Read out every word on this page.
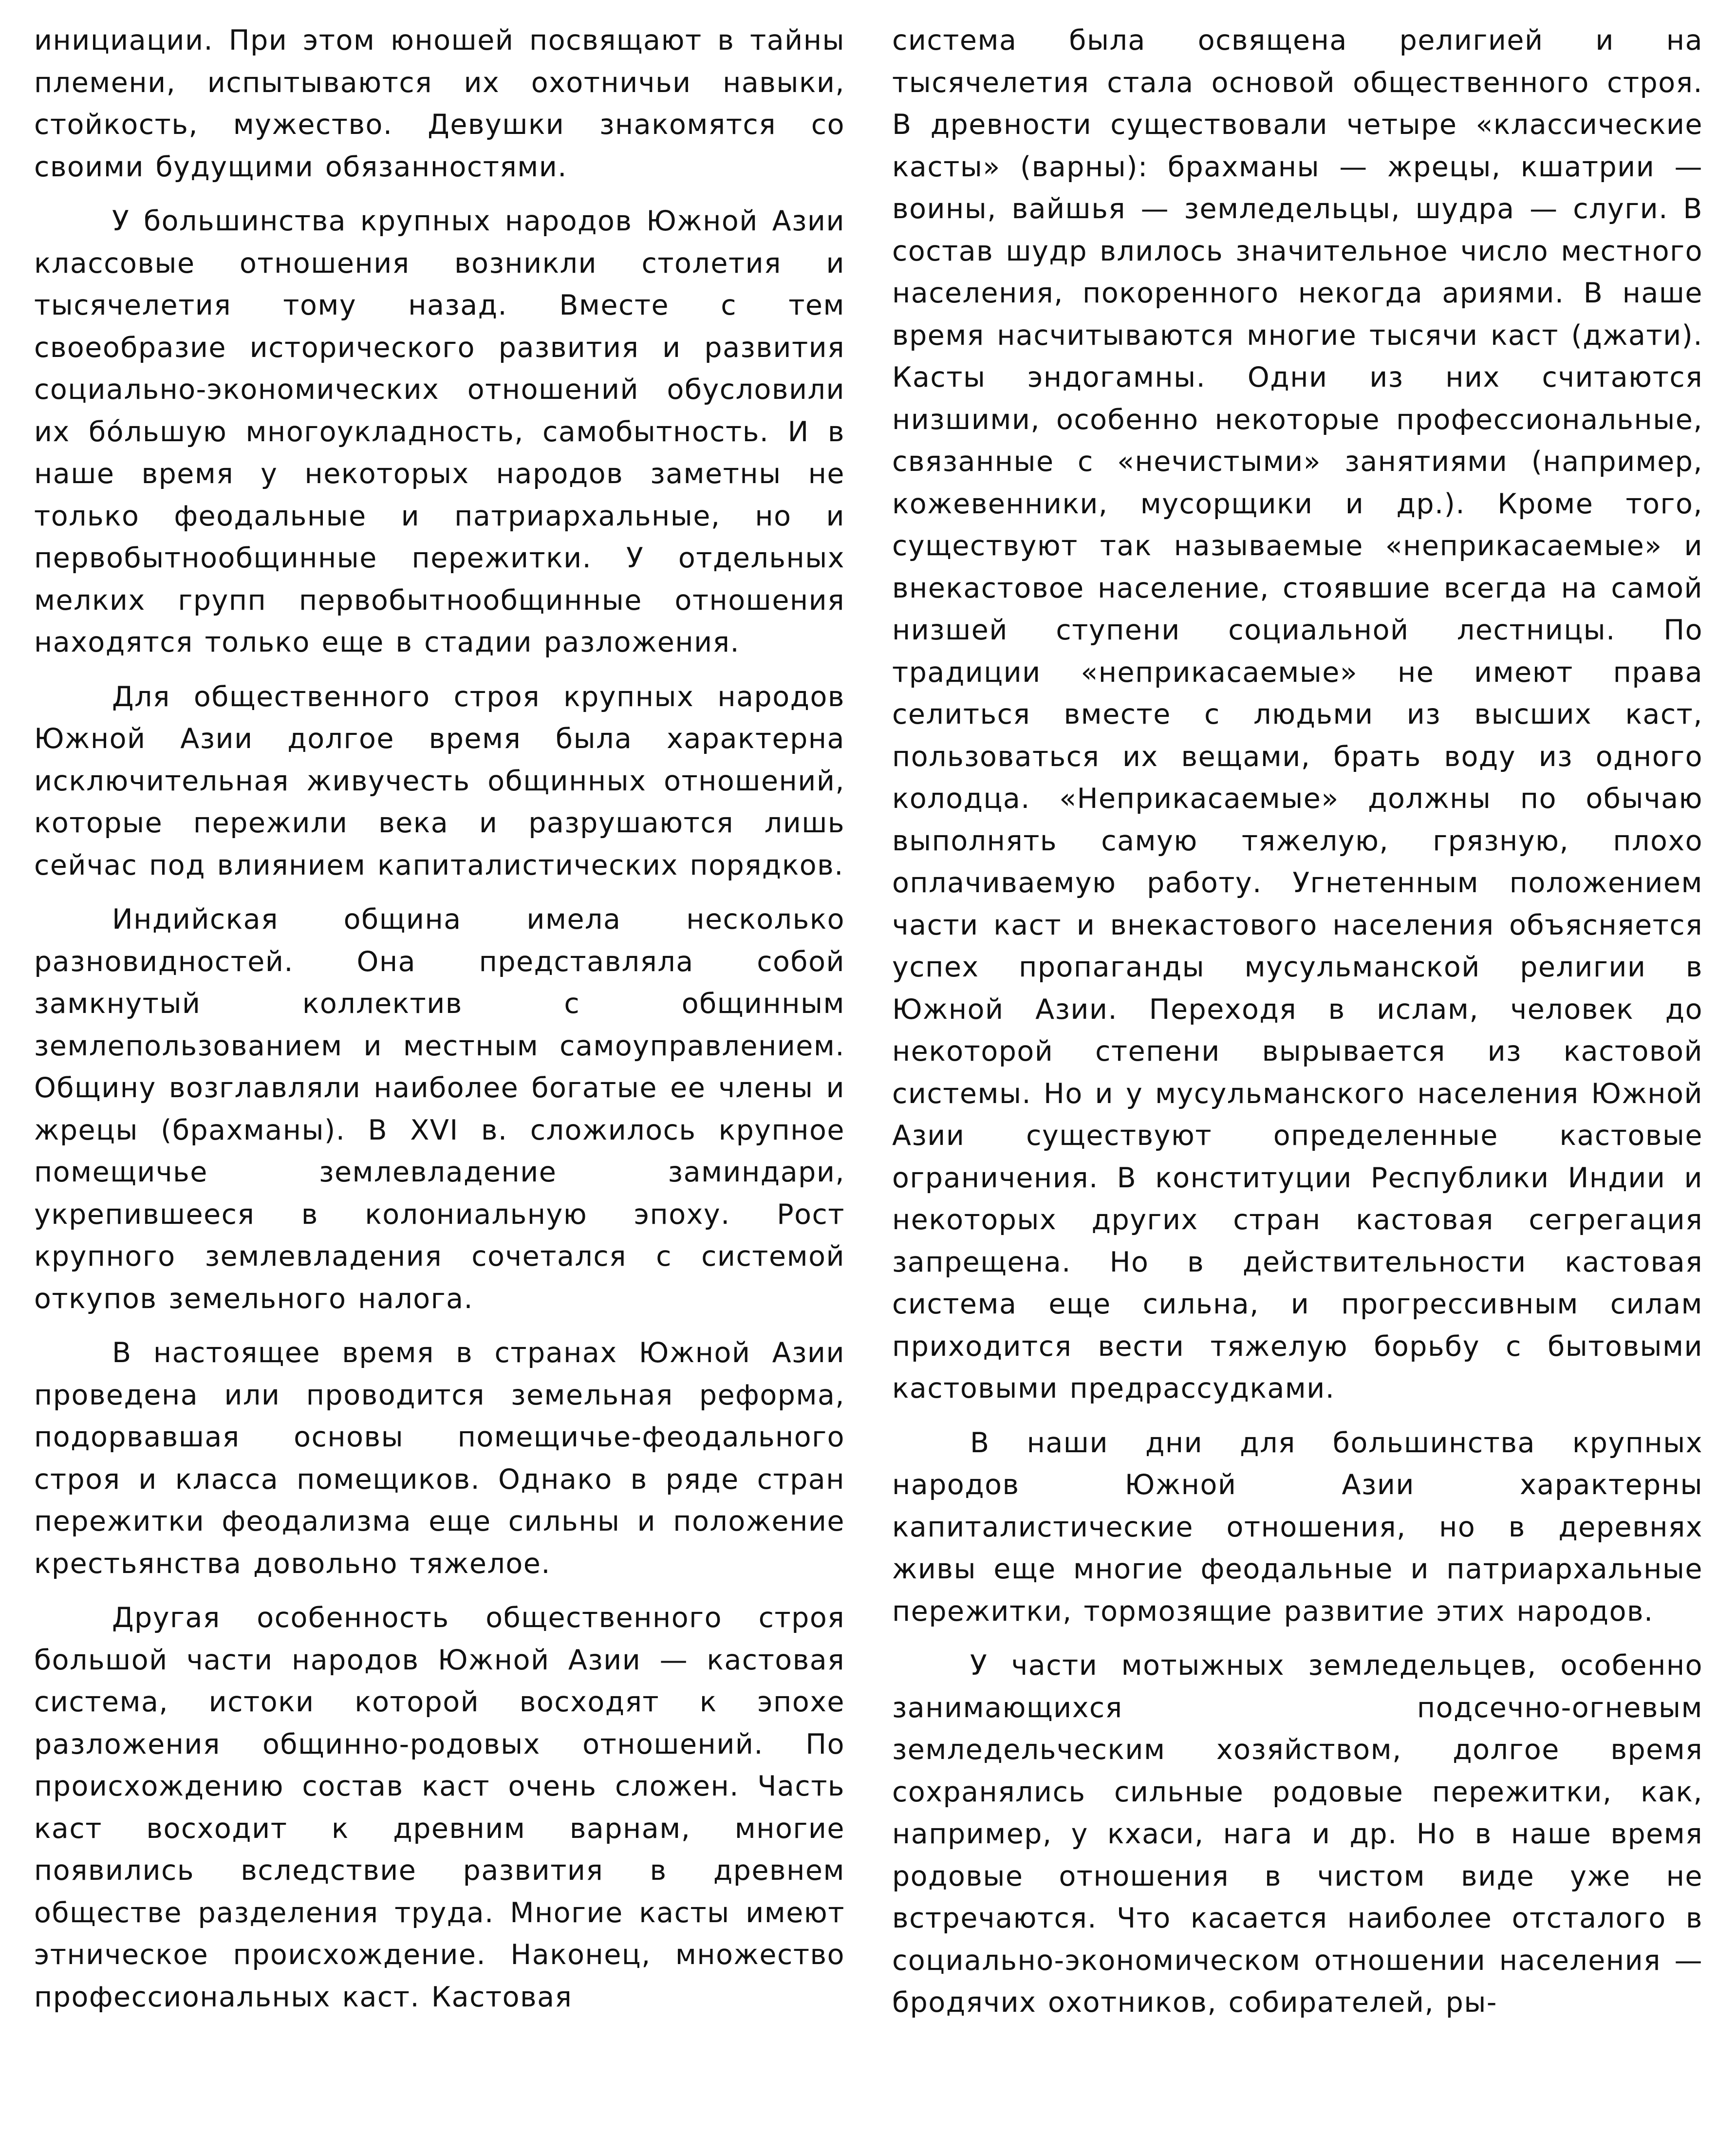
инициации. При этом юношей посвящают в тайны племени, испытываются их охотничьи навыки, стойкость, мужество. Девушки знакомятся со своими будущими обязанностями.

У большинства крупных народов Южной Азии классовые отношения возникли столетия и тысячелетия тому назад. Вместе с тем своеобразие исторического развития и развития социально-экономических отношений обусловили их бо́льшую многоукладность, самобытность. И в наше время у некоторых народов заметны не только феодальные и патриархальные, но и первобытнообщинные пережитки. У отдельных мелких групп первобытнообщинные отношения находятся только еще в стадии разложения.

Для общественного строя крупных народов Южной Азии долгое время была характерна исключительная живучесть общинных отношений, которые пережили века и разрушаются лишь сейчас под влиянием капиталистических порядков.

Индийская община имела несколько разновидностей. Она представляла собой замкнутый коллектив с общинным землепользованием и местным самоуправлением. Общину возглавляли наиболее богатые ее члены и жрецы (брахманы). В XVI в. сложилось крупное помещичье землевладение заминдари, укрепившееся в колониальную эпоху. Рост крупного землевладения сочетался с системой откупов земельного налога.

В настоящее время в странах Южной Азии проведена или проводится земельная реформа, подорвавшая основы помещичье-феодального строя и класса помещиков. Однако в ряде стран пережитки феодализма еще сильны и положение крестьянства довольно тяжелое.

Другая особенность общественного строя большой части народов Южной Азии — кастовая система, истоки которой восходят к эпохе разложения общинно-родовых отношений. По происхождению состав каст очень сложен. Часть каст восходит к древним варнам, многие появились вследствие развития в древнем обществе разделения труда. Многие касты имеют этническое происхождение. Наконец, множество профессиональных каст. Кастовая

система была освящена религией и на тысячелетия стала основой общественного строя. В древности существовали четыре «классические касты» (варны): брахманы — жрецы, кшатрии — воины, вайшья — земледельцы, шудра — слуги. В состав шудр влилось значительное число местного населения, покоренного некогда ариями. В наше время насчитываются многие тысячи каст (джати). Касты эндогамны. Одни из них считаются низшими, особенно некоторые профессиональные, связанные с «нечистыми» занятиями (например, кожевенники, мусорщики и др.). Кроме того, существуют так называемые «неприкасаемые» и внекастовое население, стоявшие всегда на самой низшей ступени социальной лестницы. По традиции «неприкасаемые» не имеют права селиться вместе с людьми из высших каст, пользоваться их вещами, брать воду из одного колодца. «Неприкасаемые» должны по обычаю выполнять самую тяжелую, грязную, плохо оплачиваемую работу. Угнетенным положением части каст и внекастового населения объясняется успех пропаганды мусульманской религии в Южной Азии. Переходя в ислам, человек до некоторой степени вырывается из кастовой системы. Но и у мусульманского населения Южной Азии существуют определенные кастовые ограничения. В конституции Республики Индии и некоторых других стран кастовая сегрегация запрещена. Но в действительности кастовая система еще сильна, и прогрессивным силам приходится вести тяжелую борьбу с бытовыми кастовыми предрассудками.

В наши дни для большинства крупных народов Южной Азии характерны капиталистические отношения, но в деревнях живы еще многие феодальные и патриархальные пережитки, тормозящие развитие этих народов.

У части мотыжных земледельцев, особенно занимающихся подсечно-огневым земледельческим хозяйством, долгое время сохранялись сильные родовые пережитки, как, например, у кхаси, нага и др. Но в наше время родовые отношения в чистом виде уже не встречаются. Что касается наиболее отсталого в социально-экономическом отношении населения — бродячих охотников, собирателей, ры-
